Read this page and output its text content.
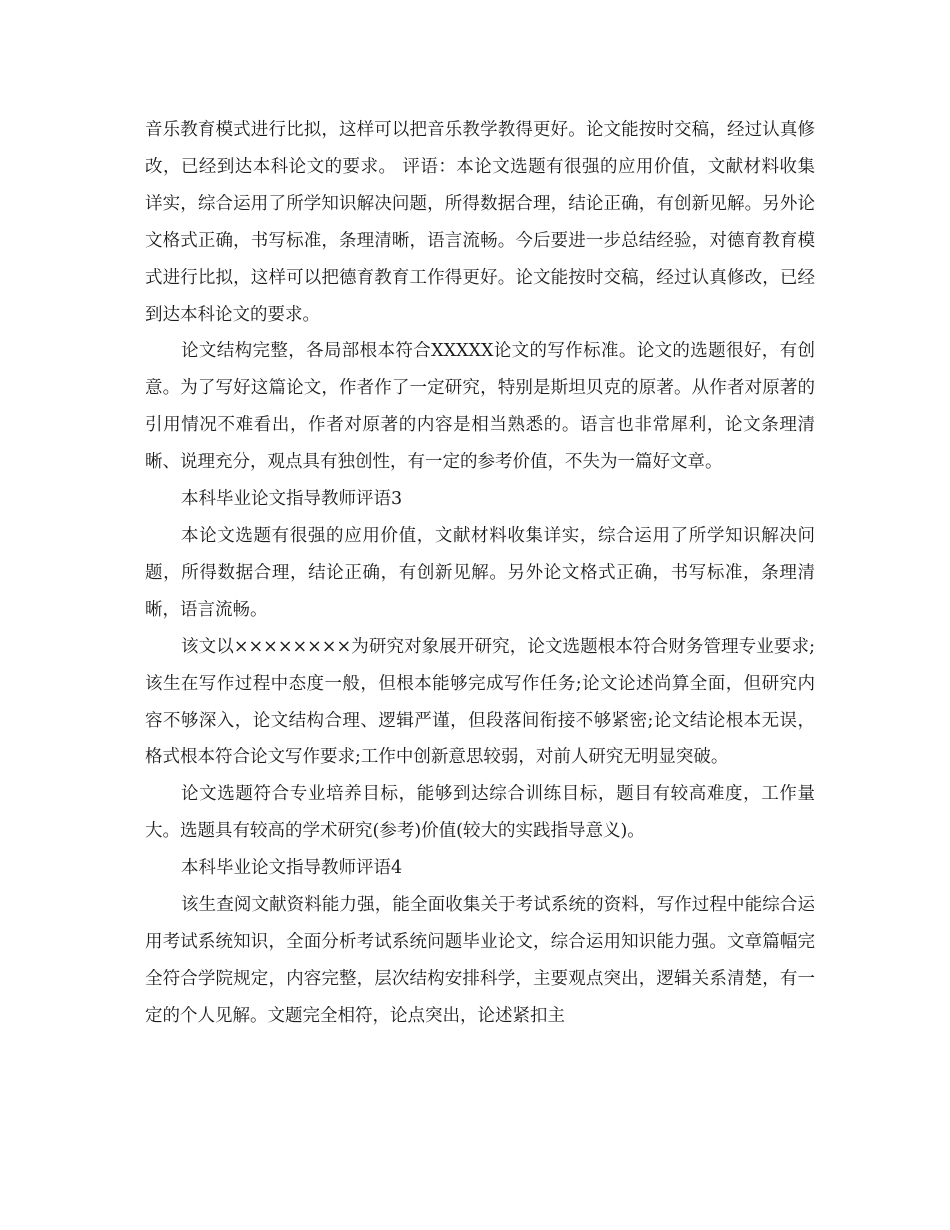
音乐教育模式进行比拟，这样可以把音乐教学教得更好。论文能按时交稿，经过认真修改，已经到达本科论文的要求。 评语：本论文选题有很强的应用价值，文献材料收集详实，综合运用了所学知识解决问题，所得数据合理，结论正确，有创新见解。另外论文格式正确，书写标准，条理清晰，语言流畅。今后要进一步总结经验，对德育教育模式进行比拟，这样可以把德育教育工作得更好。论文能按时交稿，经过认真修改，已经到达本科论文的要求。

论文结构完整，各局部根本符合XXXXX论文的写作标准。论文的选题很好，有创意。为了写好这篇论文，作者作了一定研究，特别是斯坦贝克的原著。从作者对原著的引用情况不难看出，作者对原著的内容是相当熟悉的。语言也非常犀利，论文条理清晰、说理充分，观点具有独创性，有一定的参考价值，不失为一篇好文章。

本科毕业论文指导教师评语3

本论文选题有很强的应用价值，文献材料收集详实，综合运用了所学知识解决问题，所得数据合理，结论正确，有创新见解。另外论文格式正确，书写标准，条理清晰，语言流畅。

该文以××××××××为研究对象展开研究，论文选题根本符合财务管理专业要求;该生在写作过程中态度一般，但根本能够完成写作任务;论文论述尚算全面，但研究内容不够深入，论文结构合理、逻辑严谨，但段落间衔接不够紧密;论文结论根本无误，格式根本符合论文写作要求;工作中创新意思较弱，对前人研究无明显突破。

论文选题符合专业培养目标，能够到达综合训练目标，题目有较高难度，工作量大。选题具有较高的学术研究(参考)价值(较大的实践指导意义)。

本科毕业论文指导教师评语4

该生查阅文献资料能力强，能全面收集关于考试系统的资料，写作过程中能综合运用考试系统知识，全面分析考试系统问题毕业论文，综合运用知识能力强。文章篇幅完全符合学院规定，内容完整，层次结构安排科学，主要观点突出，逻辑关系清楚，有一定的个人见解。文题完全相符，论点突出，论述紧扣主
